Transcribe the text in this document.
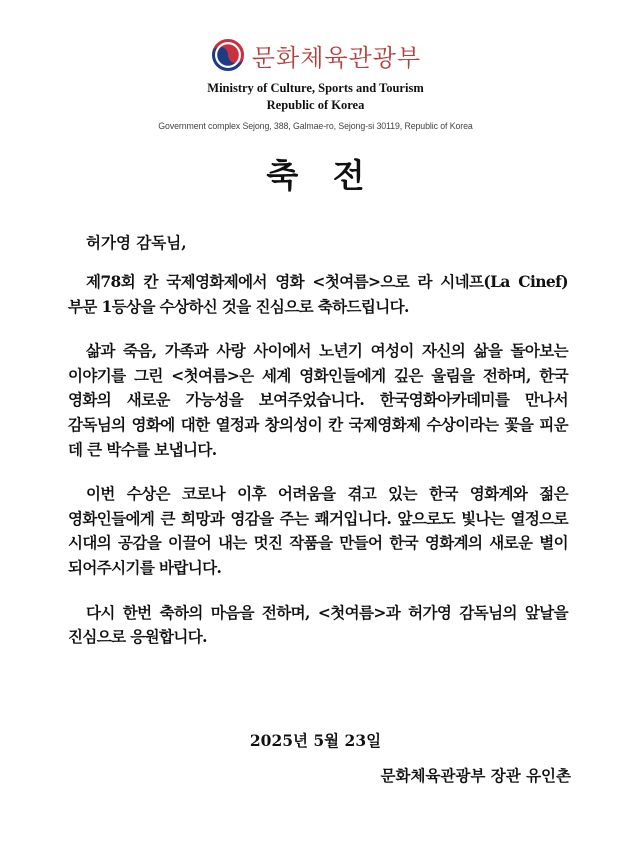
문화체육관광부
Ministry of Culture, Sports and Tourism
Republic of Korea
Government complex Sejong, 388, Galmae-ro, Sejong-si 30119, Republic of Korea
축   전

허가영 감독님,

제78회 칸 국제영화제에서 영화 <첫여름>으로 라 시네프(La Cinef) 부문 1등상을 수상하신 것을 진심으로 축하드립니다.

삶과 죽음, 가족과 사랑 사이에서 노년기 여성이 자신의 삶을 돌아보는 이야기를 그린 <첫여름>은 세계 영화인들에게 깊은 울림을 전하며, 한국 영화의 새로운 가능성을 보여주었습니다. 한국영화아카데미를 만나서 감독님의 영화에 대한 열정과 창의성이 칸 국제영화제 수상이라는 꽃을 피운 데 큰 박수를 보냅니다.

이번 수상은 코로나 이후 어려움을 겪고 있는 한국 영화계와 젊은 영화인들에게 큰 희망과 영감을 주는 쾌거입니다. 앞으로도 빛나는 열정으로 시대의 공감을 이끌어 내는 멋진 작품을 만들어 한국 영화계의 새로운 별이 되어주시기를 바랍니다.

다시 한번 축하의 마음을 전하며, <첫여름>과 허가영 감독님의 앞날을 진심으로 응원합니다.

2025년 5월 23일
문화체육관광부 장관 유인촌
